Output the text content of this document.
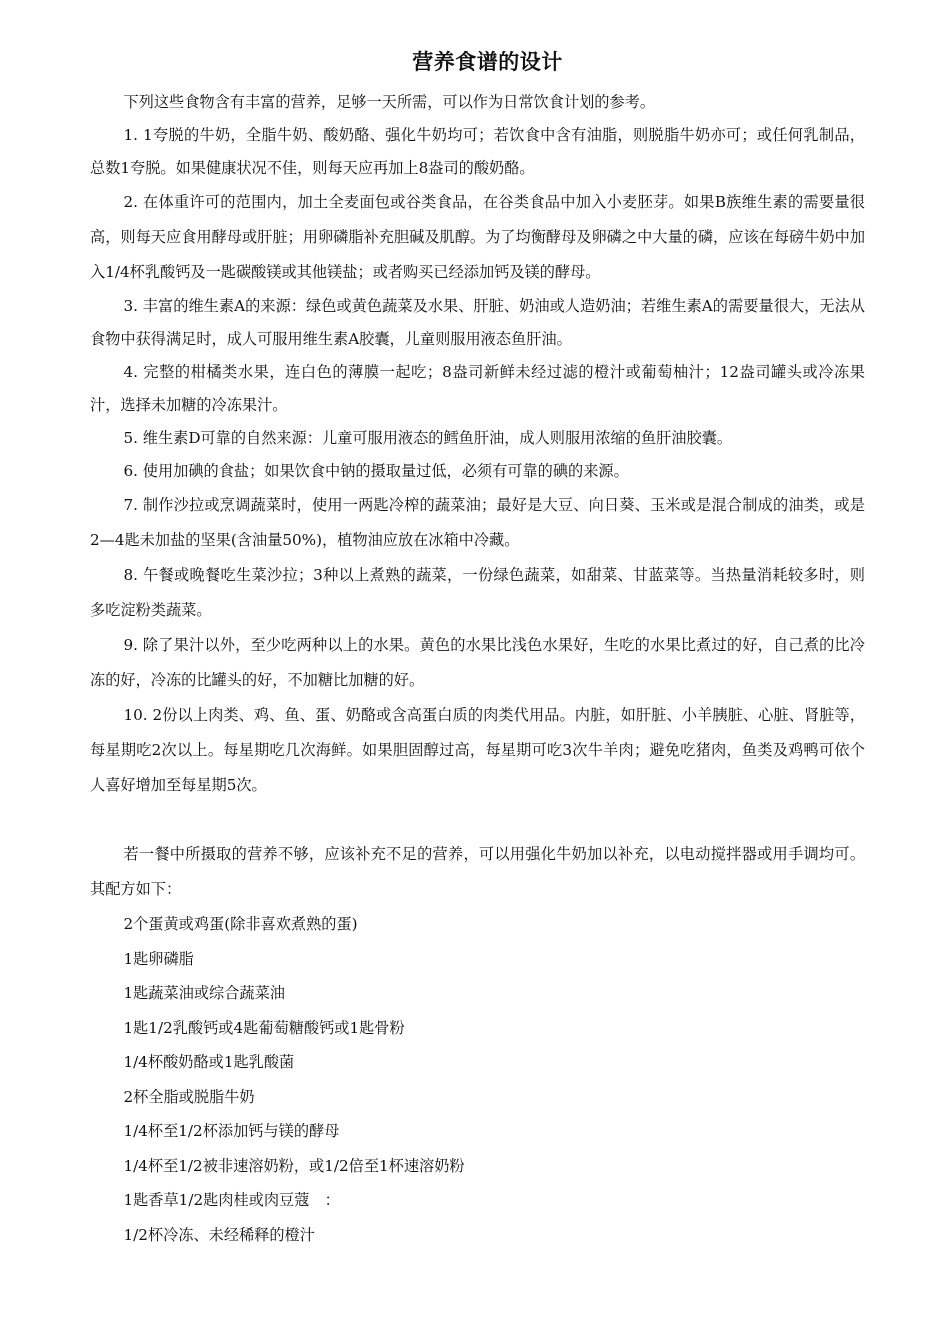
营养食谱的设计

下列这些食物含有丰富的营养，足够一天所需，可以作为日常饮食计划的参考。

1. 1夸脱的牛奶，全脂牛奶、酸奶酪、强化牛奶均可；若饮食中含有油脂，则脱脂牛奶亦可；或任何乳制品，总数1夸脱。如果健康状况不佳，则每天应再加上8盎司的酸奶酪。

2. 在体重许可的范围内，加土全麦面包或谷类食品，在谷类食品中加入小麦胚芽。如果B族维生素的需要量很高，则每天应食用酵母或肝脏；用卵磷脂补充胆碱及肌醇。为了均衡酵母及卵磷之中大量的磷，应该在每磅牛奶中加入1/4杯乳酸钙及一匙碳酸镁或其他镁盐；或者购买已经添加钙及镁的酵母。

3. 丰富的维生素A的来源：绿色或黄色蔬菜及水果、肝脏、奶油或人造奶油；若维生素A的需要量很大，无法从食物中获得满足时，成人可服用维生素A胶囊，儿童则服用液态鱼肝油。

4. 完整的柑橘类水果，连白色的薄膜一起吃；8盎司新鲜未经过滤的橙汁或葡萄柚汁；12盎司罐头或冷冻果汁，选择未加糖的冷冻果汁。

5. 维生素D可靠的自然来源：儿童可服用液态的鳕鱼肝油，成人则服用浓缩的鱼肝油胶囊。

6. 使用加碘的食盐；如果饮食中钠的摄取量过低，必须有可靠的碘的来源。

7. 制作沙拉或烹调蔬菜时，使用一两匙冷榨的蔬菜油；最好是大豆、向日葵、玉米或是混合制成的油类，或是2—4匙未加盐的坚果(含油量50%)，植物油应放在冰箱中冷藏。

8. 午餐或晚餐吃生菜沙拉；3种以上煮熟的蔬菜，一份绿色蔬菜，如甜菜、甘蓝菜等。当热量消耗较多时，则多吃淀粉类蔬菜。

9. 除了果汁以外，至少吃两种以上的水果。黄色的水果比浅色水果好，生吃的水果比煮过的好，自己煮的比冷冻的好，冷冻的比罐头的好，不加糖比加糖的好。

10. 2份以上肉类、鸡、鱼、蛋、奶酪或含高蛋白质的肉类代用品。内脏，如肝脏、小羊胰脏、心脏、肾脏等，每星期吃2次以上。每星期吃几次海鲜。如果胆固醇过高，每星期可吃3次牛羊肉；避免吃猪肉，鱼类及鸡鸭可依个人喜好增加至每星期5次。

若一餐中所摄取的营养不够，应该补充不足的营养，可以用强化牛奶加以补充，以电动搅拌器或用手调均可。其配方如下：

2个蛋黄或鸡蛋(除非喜欢煮熟的蛋)
1匙卵磷脂
1匙蔬菜油或综合蔬菜油
1匙1/2乳酸钙或4匙葡萄糖酸钙或1匙骨粉
1/4杯酸奶酪或1匙乳酸菌
2杯全脂或脱脂牛奶
1/4杯至1/2杯添加钙与镁的酵母
1/4杯至1/2被非速溶奶粉，或1/2倍至1杯速溶奶粉
1匙香草1/2匙肉桂或肉豆蔻　：
1/2杯冷冻、未经稀释的橙汁
